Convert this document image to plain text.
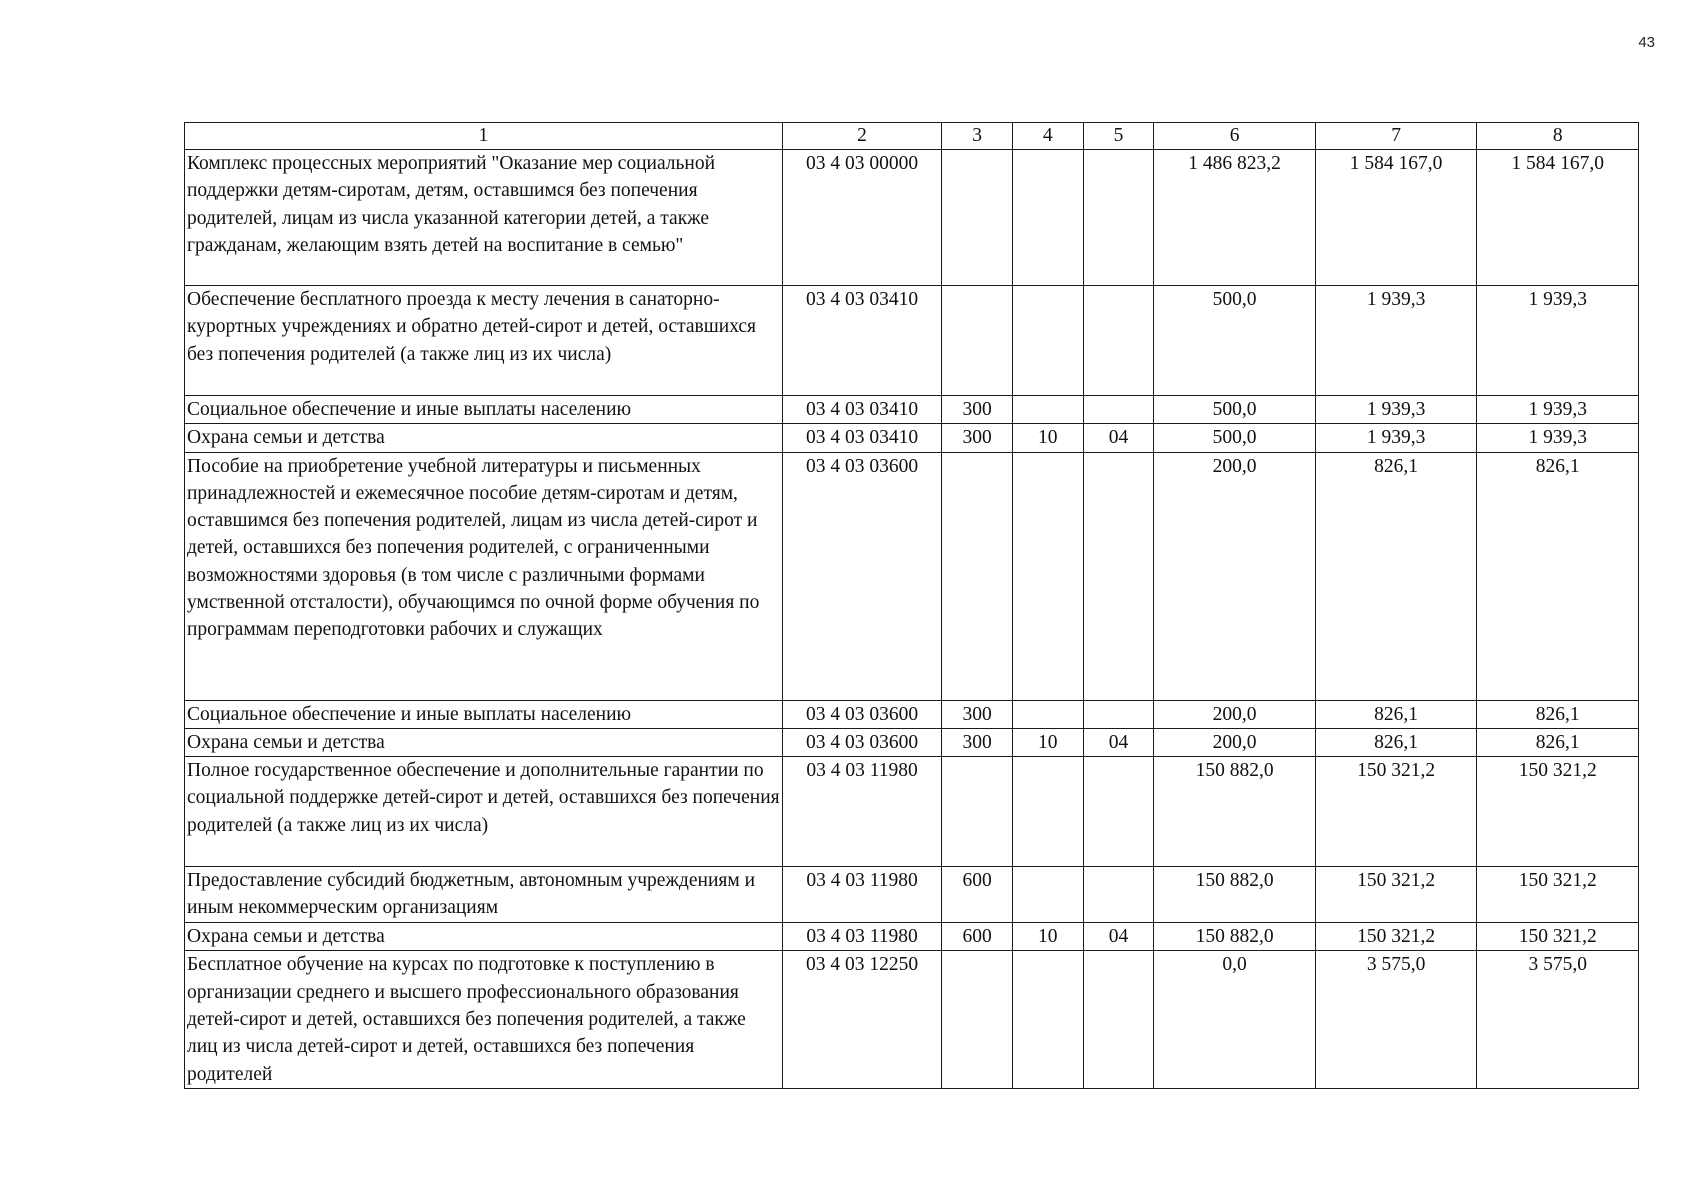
43
1	2	3	4	5	6	7	8
Комплекс процессных мероприятий "Оказание мер социальной поддержки детям-сиротам, детям, оставшимся без попечения родителей, лицам из числа указанной категории детей, а также гражданам, желающим взять детей на воспитание в семью"	03 4 03 00000				1 486 823,2	1 584 167,0	1 584 167,0
Обеспечение бесплатного проезда к месту лечения в санаторно-курортных учреждениях и обратно детей-сирот и детей, оставшихся без попечения родителей (а также лиц из их числа)	03 4 03 03410				500,0	1 939,3	1 939,3
Социальное обеспечение и иные выплаты населению	03 4 03 03410	300			500,0	1 939,3	1 939,3
Охрана семьи и детства	03 4 03 03410	300	10	04	500,0	1 939,3	1 939,3
Пособие на приобретение учебной литературы и письменных принадлежностей и ежемесячное пособие детям-сиротам и детям, оставшимся без попечения родителей, лицам из числа детей-сирот и детей, оставшихся без попечения родителей, с ограниченными возможностями здоровья (в том числе с различными формами умственной отсталости), обучающимся по очной форме обучения по программам переподготовки рабочих и служащих	03 4 03 03600				200,0	826,1	826,1
Социальное обеспечение и иные выплаты населению	03 4 03 03600	300			200,0	826,1	826,1
Охрана семьи и детства	03 4 03 03600	300	10	04	200,0	826,1	826,1
Полное государственное обеспечение и дополнительные гарантии по социальной поддержке детей-сирот и детей, оставшихся без попечения родителей (а также лиц из их числа)	03 4 03 11980				150 882,0	150 321,2	150 321,2
Предоставление субсидий бюджетным, автономным учреждениям и иным некоммерческим организациям	03 4 03 11980	600			150 882,0	150 321,2	150 321,2
Охрана семьи и детства	03 4 03 11980	600	10	04	150 882,0	150 321,2	150 321,2
Бесплатное обучение на курсах по подготовке к поступлению в организации среднего и высшего профессионального образования детей-сирот и детей, оставшихся без попечения родителей, а также лиц из числа детей-сирот и детей, оставшихся без попечения родителей	03 4 03 12250				0,0	3 575,0	3 575,0
